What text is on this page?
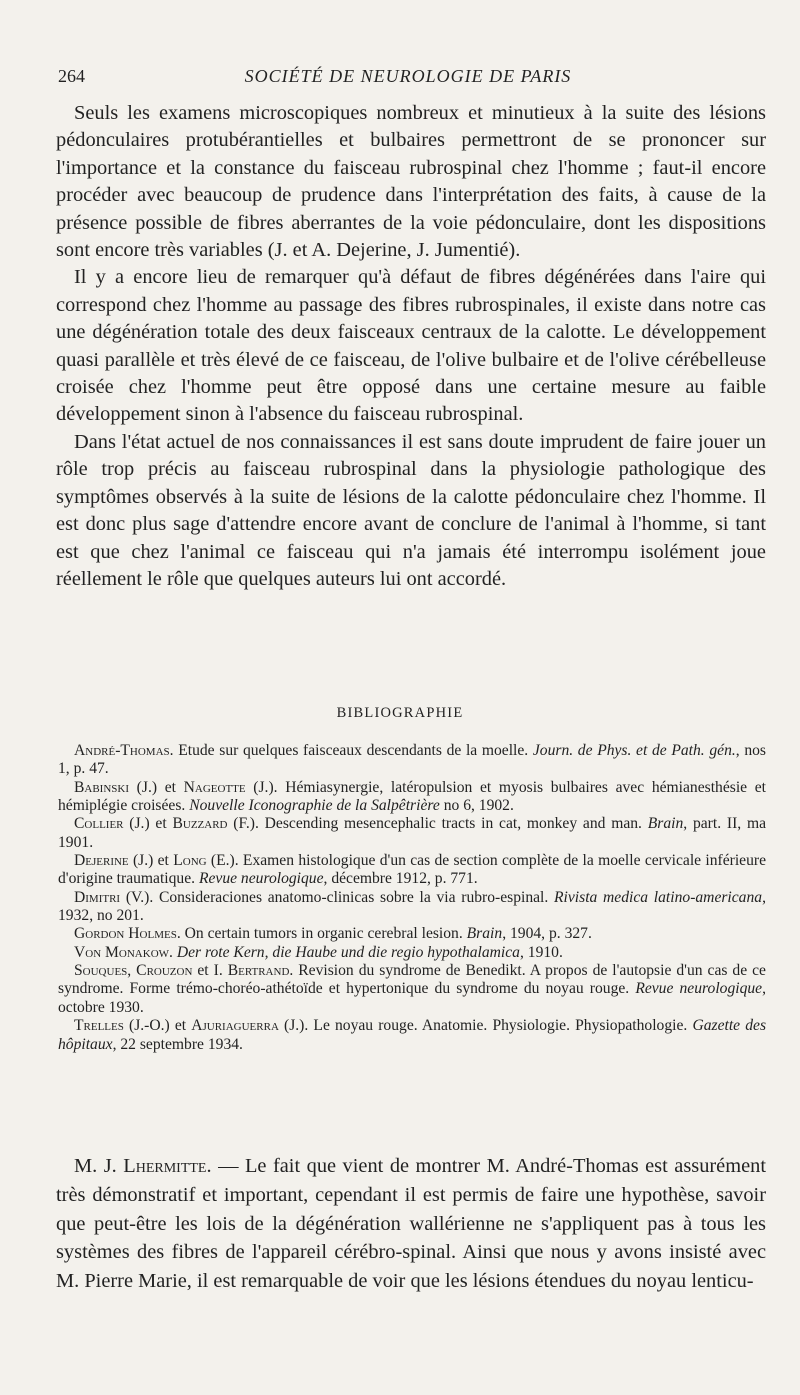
264	SOCIÉTÉ DE NEUROLOGIE DE PARIS

Seuls les examens microscopiques nombreux et minutieux à la suite des lésions pédonculaires protubérantielles et bulbaires permettront de se prononcer sur l'importance et la constance du faisceau rubrospinal chez l'homme ; faut-il encore procéder avec beaucoup de prudence dans l'interprétation des faits, à cause de la présence possible de fibres aberrantes de la voie pédonculaire, dont les dispositions sont encore très variables (J. et A. Dejerine, J. Jumentié).

Il y a encore lieu de remarquer qu'à défaut de fibres dégénérées dans l'aire qui correspond chez l'homme au passage des fibres rubrospinales, il existe dans notre cas une dégénération totale des deux faisceaux centraux de la calotte. Le développement quasi parallèle et très élevé de ce faisceau, de l'olive bulbaire et de l'olive cérébelleuse croisée chez l'homme peut être opposé dans une certaine mesure au faible développement sinon à l'absence du faisceau rubrospinal.

Dans l'état actuel de nos connaissances il est sans doute imprudent de faire jouer un rôle trop précis au faisceau rubrospinal dans la physiologie pathologique des symptômes observés à la suite de lésions de la calotte pédonculaire chez l'homme. Il est donc plus sage d'attendre encore avant de conclure de l'animal à l'homme, si tant est que chez l'animal ce faisceau qui n'a jamais été interrompu isolément joue réellement le rôle que quelques auteurs lui ont accordé.

BIBLIOGRAPHIE

André-Thomas. Etude sur quelques faisceaux descendants de la moelle. Journ. de Phys. et de Path. gén., nos 1, p. 47.

Babinski (J.) et Nageotte (J.). Hémiasynergie, latéropulsion et myosis bulbaires avec hémianesthésie et hémiplégie croisées. Nouvelle Iconographie de la Salpêtrière no 6, 1902.

Collier (J.) et Buzzard (F.). Descending mesencephalic tracts in cat, monkey and man. Brain, part. II, ma 1901.

Dejerine (J.) et Long (E.). Examen histologique d'un cas de section complète de la moelle cervicale inférieure d'origine traumatique. Revue neurologique, décembre 1912, p. 771.

Dimitri (V.). Consideraciones anatomo-clinicas sobre la via rubro-espinal. Rivista medica latino-americana, 1932, no 201.

Gordon Holmes. On certain tumors in organic cerebral lesion. Brain, 1904, p. 327.

Von Monakow. Der rote Kern, die Haube und die regio hypothalamica, 1910.

Souques, Crouzon et I. Bertrand. Revision du syndrome de Benedikt. A propos de l'autopsie d'un cas de ce syndrome. Forme trémo-choréo-athétoïde et hypertonique du syndrome du noyau rouge. Revue neurologique, octobre 1930.

Trelles (J.-O.) et Ajuriaguerra (J.). Le noyau rouge. Anatomie. Physiologie. Physiopathologie. Gazette des hôpitaux, 22 septembre 1934.

M. J. Lhermitte. — Le fait que vient de montrer M. André-Thomas est assurément très démonstratif et important, cependant il est permis de faire une hypothèse, savoir que peut-être les lois de la dégénération wallérienne ne s'appliquent pas à tous les systèmes des fibres de l'appareil cérébro-spinal. Ainsi que nous y avons insisté avec M. Pierre Marie, il est remarquable de voir que les lésions étendues du noyau lenticu-
